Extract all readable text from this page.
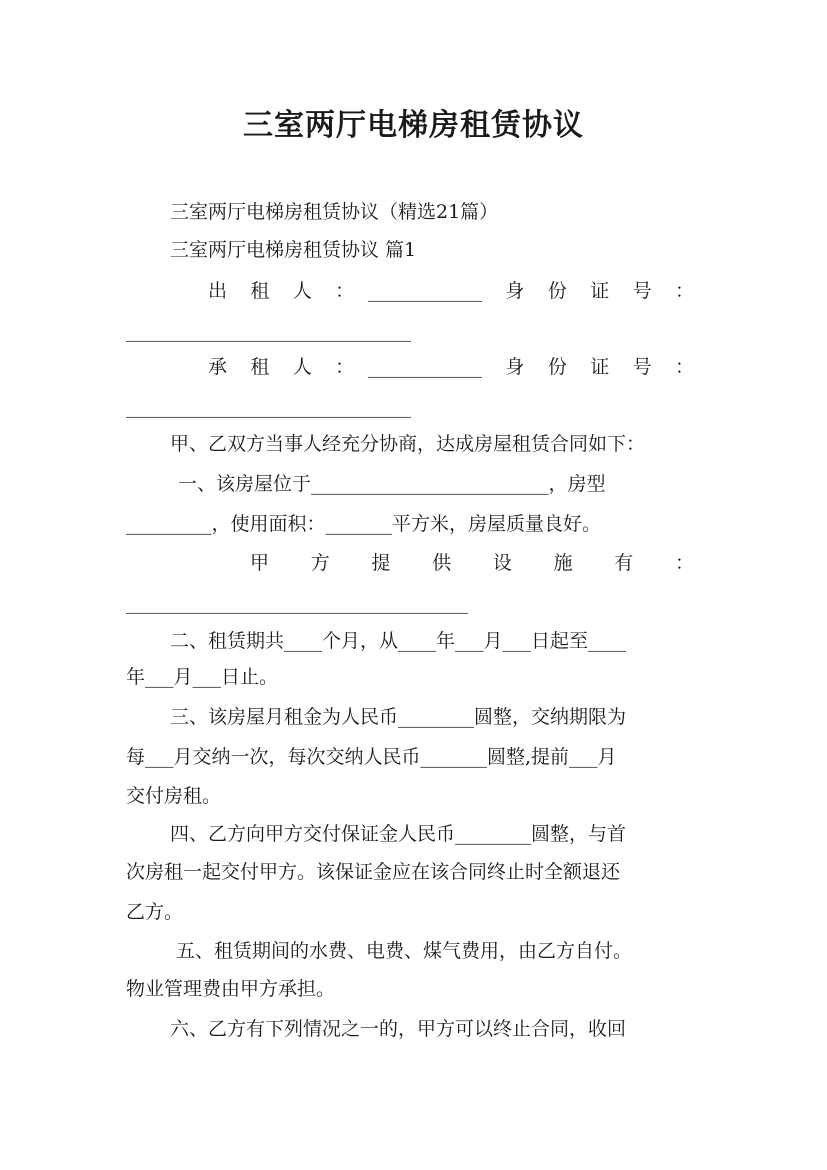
三室两厅电梯房租赁协议
三室两厅电梯房租赁协议（精选21篇）
三室两厅电梯房租赁协议 篇1
出　租　人　：　____________　身　份　证　号　：
______________________________
承　租　人　：　____________　身　份　证　号　：
______________________________
甲、乙双方当事人经充分协商，达成房屋租赁合同如下：
一、该房屋位于_________________________，房型
_________，使用面积：_______平方米，房屋质量良好。
甲　　方　　提　　供　　设　　施　　有　　：
____________________________________
二、租赁期共____个月，从____年___月___日起至____
年___月___日止。
三、该房屋月租金为人民币________圆整，交纳期限为
每___月交纳一次，每次交纳人民币_______圆整,提前___月
交付房租。
四、乙方向甲方交付保证金人民币________圆整，与首
次房租一起交付甲方。该保证金应在该合同终止时全额退还
乙方。
五、租赁期间的水费、电费、煤气费用，由乙方自付。
物业管理费由甲方承担。
六、乙方有下列情况之一的，甲方可以终止合同，收回
